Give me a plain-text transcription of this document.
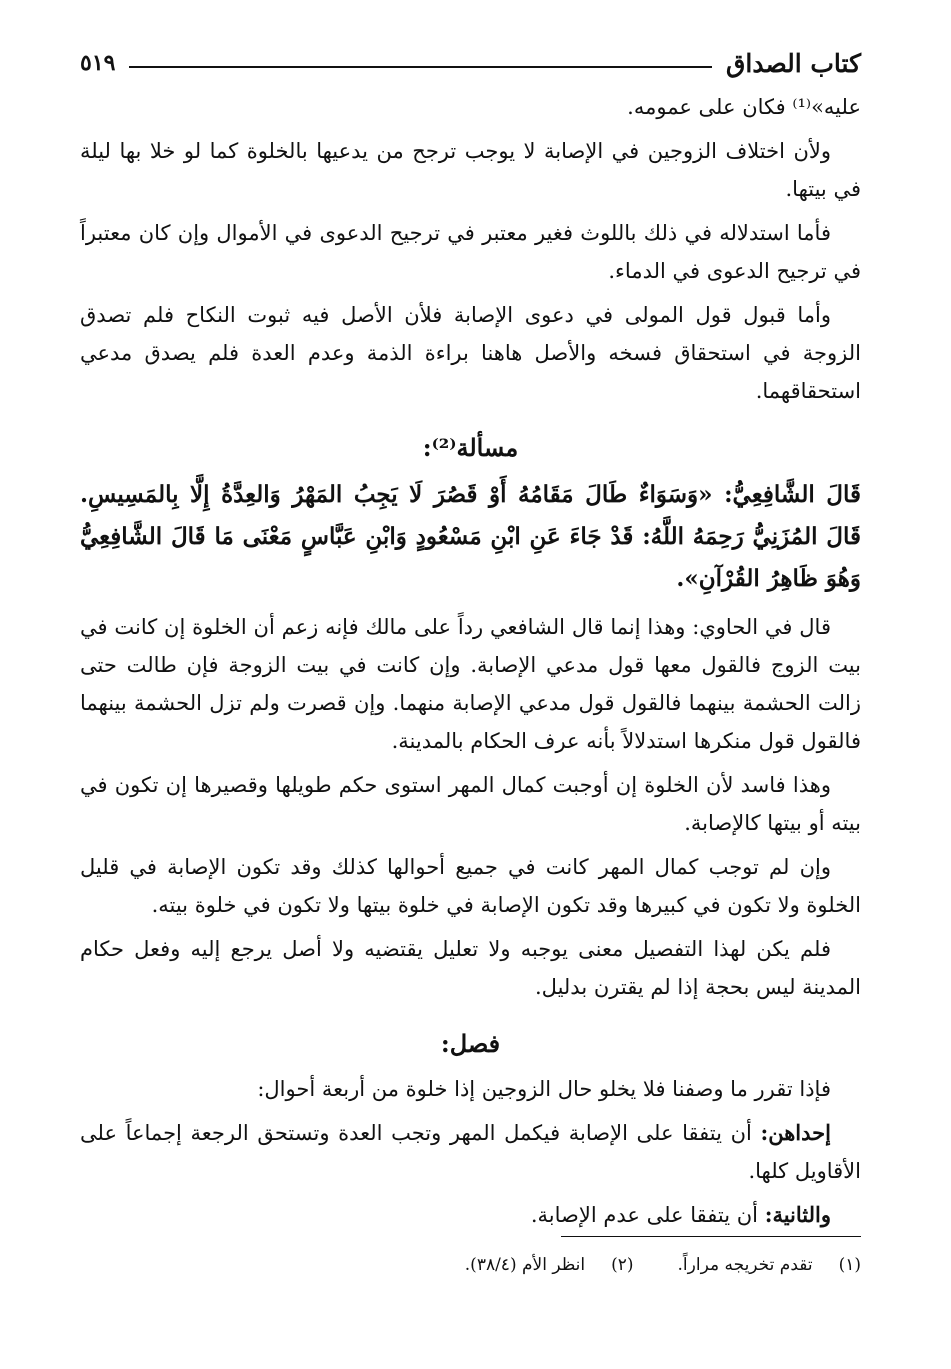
كتاب الصداق
٥١٩

عليه»⁽¹⁾ فكان على عمومه.

ولأن اختلاف الزوجين في الإصابة لا يوجب ترجح من يدعيها بالخلوة كما لو خلا بها ليلة في بيتها.

فأما استدلاله في ذلك باللوث فغير معتبر في ترجيح الدعوى في الأموال وإن كان معتبراً في ترجيح الدعوى في الدماء.

وأما قبول قول المولى في دعوى الإصابة فلأن الأصل فيه ثبوت النكاح فلم تصدق الزوجة في استحقاق فسخه والأصل هاهنا براءة الذمة وعدم العدة فلم يصدق مدعي استحقاقهما.

مسألة⁽²⁾:
قَالَ الشَّافِعِيُّ: «وَسَوَاءٌ طَالَ مَقَامُهُ أَوْ قَصُرَ لَا يَجِبُ المَهْرُ وَالعِدَّةُ إِلَّا بِالمَسِيسِ. قَالَ المُزَنِيُّ رَحِمَهُ اللَّهُ: قَدْ جَاءَ عَنِ ابْنِ مَسْعُودٍ وَابْنِ عَبَّاسٍ مَعْنَى مَا قَالَ الشَّافِعِيُّ وَهُوَ ظَاهِرُ القُرْآنِ».

قال في الحاوي: وهذا إنما قال الشافعي رداً على مالك فإنه زعم أن الخلوة إن كانت في بيت الزوج فالقول معها قول مدعي الإصابة. وإن كانت في بيت الزوجة فإن طالت حتى زالت الحشمة بينهما فالقول قول مدعي الإصابة منهما. وإن قصرت ولم تزل الحشمة بينهما فالقول قول منكرها استدلالاً بأنه عرف الحكام بالمدينة.

وهذا فاسد لأن الخلوة إن أوجبت كمال المهر استوى حكم طويلها وقصيرها إن تكون في بيته أو بيتها كالإصابة.

وإن لم توجب كمال المهر كانت في جميع أحوالها كذلك وقد تكون الإصابة في قليل الخلوة ولا تكون في كبيرها وقد تكون الإصابة في خلوة بيتها ولا تكون في خلوة بيته.

فلم يكن لهذا التفصيل معنى يوجبه ولا تعليل يقتضيه ولا أصل يرجع إليه وفعل حكام المدينة ليس بحجة إذا لم يقترن بدليل.

فصل:

فإذا تقرر ما وصفنا فلا يخلو حال الزوجين إذا خلوة من أربعة أحوال:

إحداهن: أن يتفقا على الإصابة فيكمل المهر وتجب العدة وتستحق الرجعة إجماعاً على الأقاويل كلها.

والثانية: أن يتفقا على عدم الإصابة.

(١)تقدم تخريجه مراراً.
(٢)انظر الأم (٣٨/٤).
